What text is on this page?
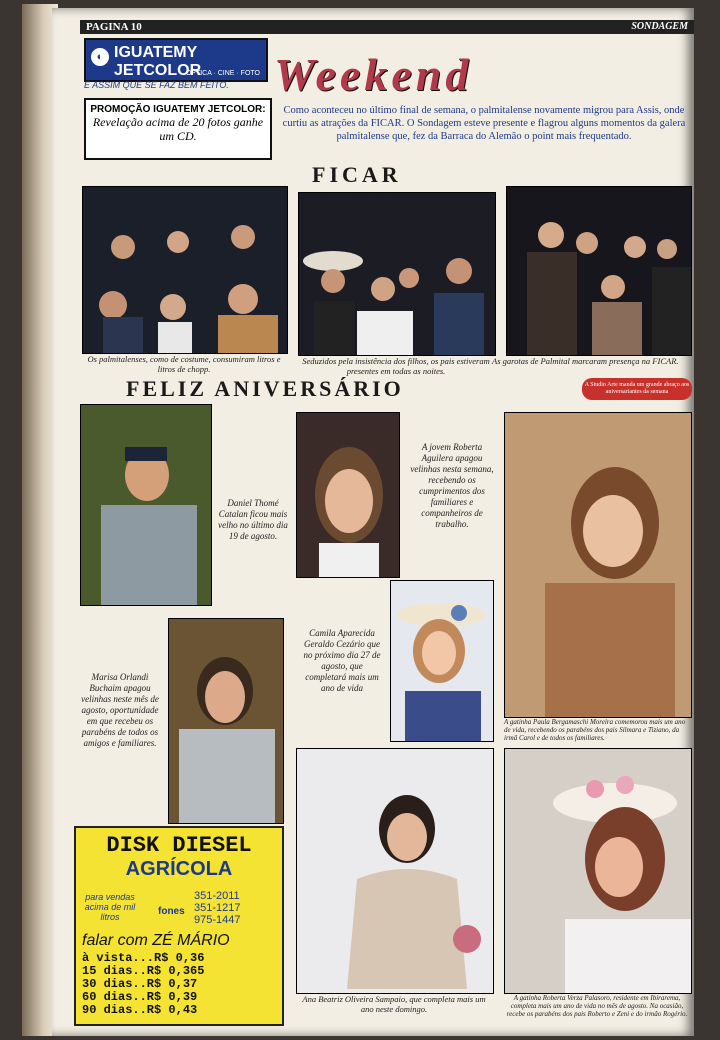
PAGINA 10	SONDAGEM
◐ IGUATEMY JETCOLOR
OPTICA · CINE · FOTO
É ASSIM QUE SE FAZ BEM FEITO.
PROMOÇÃO IGUATEMY JETCOLOR:
Revelação acima de 20 fotos ganhe um CD.
Weekend
Como aconteceu no último final de semana, o palmitalense novamente migrou para Assis, onde curtiu as atrações da FICAR. O Sondagem esteve presente e flagrou alguns momentos da galera palmitalense que, fez da Barraca do Alemão o point mais frequentado.
FICAR
Os palmitalenses, como de costume, consumiram litros e litros de chopp.
Seduzidos pela insistência dos filhos, os pais estiveram presentes em todas as noites.
As garotas de Palmital marcaram presença na FICAR.
FELIZ ANIVERSÁRIO	A Studio Arte manda um grande abraço aos aniversariantes da semana
Daniel Thomé Catalan ficou mais velho no último dia 19 de agosto.
A jovem Roberta Aguilera apagou velinhas nesta semana, recebendo os cumprimentos dos familiares e companheiros de trabalho.
A gatinha Paula Bergamaschi Moreira comemorou mais um ano de vida, recebendo os parabéns dos pais Silmara e Tiziano, da irmã Carol e de todos os familiares.
Camila Aparecida Geraldo Cezário que no próximo dia 27 de agosto, que completará mais um ano de vida
Marisa Orlandi Buchaim apagou velinhas neste mês de agosto, oportunidade em que recebeu os parabéns de todos os amigos e familiares.
Ana Beatriz Oliveira Sampaio, que completa mais um ano neste domingo.
A gatinha Roberta Verza Palasoro, residente em Ibirarema, completa mais um ano de vida no mês de agosto. Na ocasião, recebe os parabéns dos pais Roberto e Zeni e do irmão Rogério.
DISK DIESEL
AGRÍCOLA
para vendas acima de mil litros	fones
351-2011
351-1217
975-1447
falar com ZÉ MÁRIO
à vista...R$ 0,36
15 dias..R$ 0,365
30 dias..R$ 0,37
60 dias..R$ 0,39
90 dias..R$ 0,43
